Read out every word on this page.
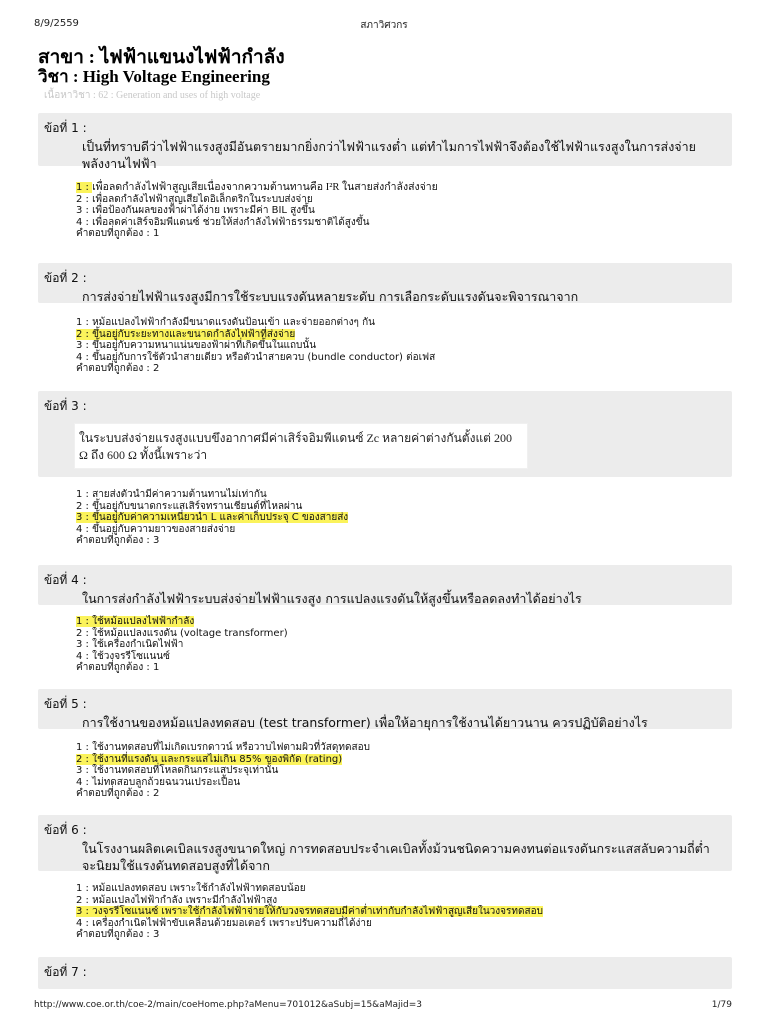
8/9/2559	สภาวิศวกร
สาขา : ไฟฟ้าแขนงไฟฟ้ากำลัง
วิชา : High Voltage Engineering
เนื้อหาวิชา : 62 : Generation and uses of high voltage
ข้อที่ 1 :
เป็นที่ทราบดีว่าไฟฟ้าแรงสูงมีอันตรายมากยิ่งกว่าไฟฟ้าแรงต่ำ แต่ทำไมการไฟฟ้าจึงต้องใช้ไฟฟ้าแรงสูงในการส่งจ่ายพลังงานไฟฟ้า
1 : เพื่อลดกำลังไฟฟ้าสูญเสียเนื่องจากความต้านทานคือ I²R ในสายส่งกำลังส่งจ่าย
2 : เพื่อลดกำลังไฟฟ้าสูญเสียไดอิเล็กตริกในระบบส่งจ่าย
3 : เพื่อป้องกันผลของฟ้าผ่าได้ง่าย เพราะมีค่า BIL สูงขึ้น
4 : เพื่อลดค่าเสิร์จอิมพีแดนซ์ ช่วยให้ส่งกำลังไฟฟ้าธรรมชาติได้สูงขึ้น
คำตอบที่ถูกต้อง : 1
ข้อที่ 2 :
การส่งจ่ายไฟฟ้าแรงสูงมีการใช้ระบบแรงดันหลายระดับ การเลือกระดับแรงดันจะพิจารณาจาก
1 : หม้อแปลงไฟฟ้ากำลังมีขนาดแรงดันป้อนเข้า และจ่ายออกต่างๆ กัน
2 : ขึ้นอยู่กับระยะทางและขนาดกำลังไฟฟ้าที่ส่งจ่าย
3 : ขึ้นอยู่กับความหนาแน่นของฟ้าผ่าที่เกิดขึ้นในแถบนั้น
4 : ขึ้นอยู่กับการใช้ตัวนำสายเดียว หรือตัวนำสายควบ (bundle conductor) ต่อเฟส
คำตอบที่ถูกต้อง : 2
ข้อที่ 3 :
ในระบบส่งจ่ายแรงสูงแบบขึงอากาศมีค่าเสิร์จอิมพีแดนซ์ Zc หลายค่าต่างกันตั้งแต่ 200 Ω ถึง 600 Ω ทั้งนี้เพราะว่า
1 : สายส่งตัวนำมีค่าความต้านทานไม่เท่ากัน
2 : ขึ้นอยู่กับขนาดกระแสเสิร์จทรานเชียนต์ที่ไหลผ่าน
3 : ขึ้นอยู่กับค่าความเหนี่ยวนำ L และค่าเก็บประจุ C ของสายส่ง
4 : ขึ้นอยู่กับความยาวของสายส่งจ่าย
คำตอบที่ถูกต้อง : 3
ข้อที่ 4 :
ในการส่งกำลังไฟฟ้าระบบส่งจ่ายไฟฟ้าแรงสูง การแปลงแรงดันให้สูงขึ้นหรือลดลงทำได้อย่างไร
1 : ใช้หม้อแปลงไฟฟ้ากำลัง
2 : ใช้หม้อแปลงแรงดัน (voltage transformer)
3 : ใช้เครื่องกำเนิดไฟฟ้า
4 : ใช้วงจรรีโซแนนซ์
คำตอบที่ถูกต้อง : 1
ข้อที่ 5 :
การใช้งานของหม้อแปลงทดสอบ (test transformer) เพื่อให้อายุการใช้งานได้ยาวนาน ควรปฏิบัติอย่างไร
1 : ใช้งานทดสอบที่ไม่เกิดเบรกดาวน์ หรือวาบไฟตามผิวที่วัสดุทดสอบ
2 : ใช้งานที่แรงดัน และกระแสไม่เกิน 85% ของพิกัด (rating)
3 : ใช้งานทดสอบที่โหลดกินกระแสประจุเท่านั้น
4 : ไม่ทดสอบลูกถ้วยฉนวนเปรอะเปื้อน
คำตอบที่ถูกต้อง : 2
ข้อที่ 6 :
ในโรงงานผลิตเคเบิลแรงสูงขนาดใหญ่ การทดสอบประจำเคเบิลทั้งม้วนชนิดความคงทนต่อแรงดันกระแสสลับความถี่ต่ำ จะนิยมใช้แรงดันทดสอบสูงที่ได้จาก
1 : หม้อแปลงทดสอบ เพราะใช้กำลังไฟฟ้าทดสอบน้อย
2 : หม้อแปลงไฟฟ้ากำลัง เพราะมีกำลังไฟฟ้าสูง
3 : วงจรรีโซแนนซ์ เพราะใช้กำลังไฟฟ้าจ่ายให้กับวงจรทดสอบมีค่าต่ำเท่ากับกำลังไฟฟ้าสูญเสียในวงจรทดสอบ
4 : เครื่องกำเนิดไฟฟ้าขับเคลื่อนด้วยมอเตอร์ เพราะปรับความถี่ได้ง่าย
คำตอบที่ถูกต้อง : 3
ข้อที่ 7 :
http://www.coe.or.th/coe-2/main/coeHome.php?aMenu=701012&aSubj=15&aMajid=3	1/79
